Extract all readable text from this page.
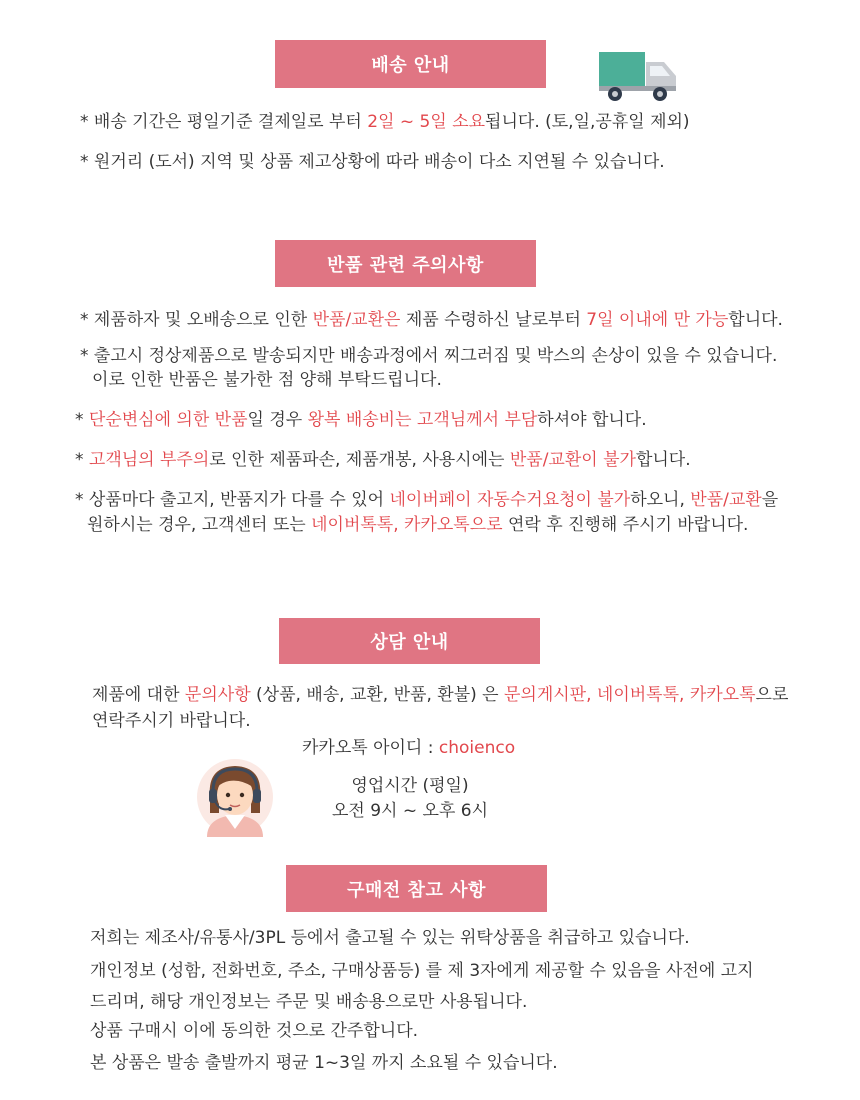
배송 안내
* 배송 기간은 평일기준 결제일로 부터 2일 ~ 5일 소요됩니다. (토,일,공휴일 제외)
* 원거리 (도서) 지역 및 상품 제고상황에 따라 배송이 다소 지연될 수 있습니다.
반품 관련 주의사항
* 제품하자 및 오배송으로 인한 반품/교환은 제품 수령하신 날로부터 7일 이내에 만 가능합니다.
* 출고시 정상제품으로 발송되지만 배송과정에서 찌그러짐 및 박스의 손상이 있을 수 있습니다.
이로 인한 반품은 불가한 점 양해 부탁드립니다.
* 단순변심에 의한 반품일 경우 왕복 배송비는 고객님께서 부담하셔야 합니다.
* 고객님의 부주의로 인한 제품파손, 제품개봉, 사용시에는 반품/교환이 불가합니다.
* 상품마다 출고지, 반품지가 다를 수 있어 네이버페이 자동수거요청이 불가하오니, 반품/교환을
원하시는 경우, 고객센터 또는 네이버톡톡, 카카오톡으로 연락 후 진행해 주시기 바랍니다.
상담 안내
제품에 대한 문의사항 (상품, 배송, 교환, 반품, 환불) 은 문의게시판, 네이버톡톡, 카카오톡으로
연락주시기 바랍니다.
카카오톡 아이디 : choienco
영업시간 (평일)
오전 9시 ~ 오후 6시
구매전 참고 사항
저희는 제조사/유통사/3PL 등에서 출고될 수 있는 위탁상품을 취급하고 있습니다.
개인정보 (성함, 전화번호, 주소, 구매상품등) 를 제 3자에게 제공할 수 있음을 사전에 고지
드리며, 해당 개인정보는 주문 및 배송용으로만 사용됩니다.
상품 구매시 이에 동의한 것으로 간주합니다.
본 상품은 발송 출발까지 평균 1~3일 까지 소요될 수 있습니다.
